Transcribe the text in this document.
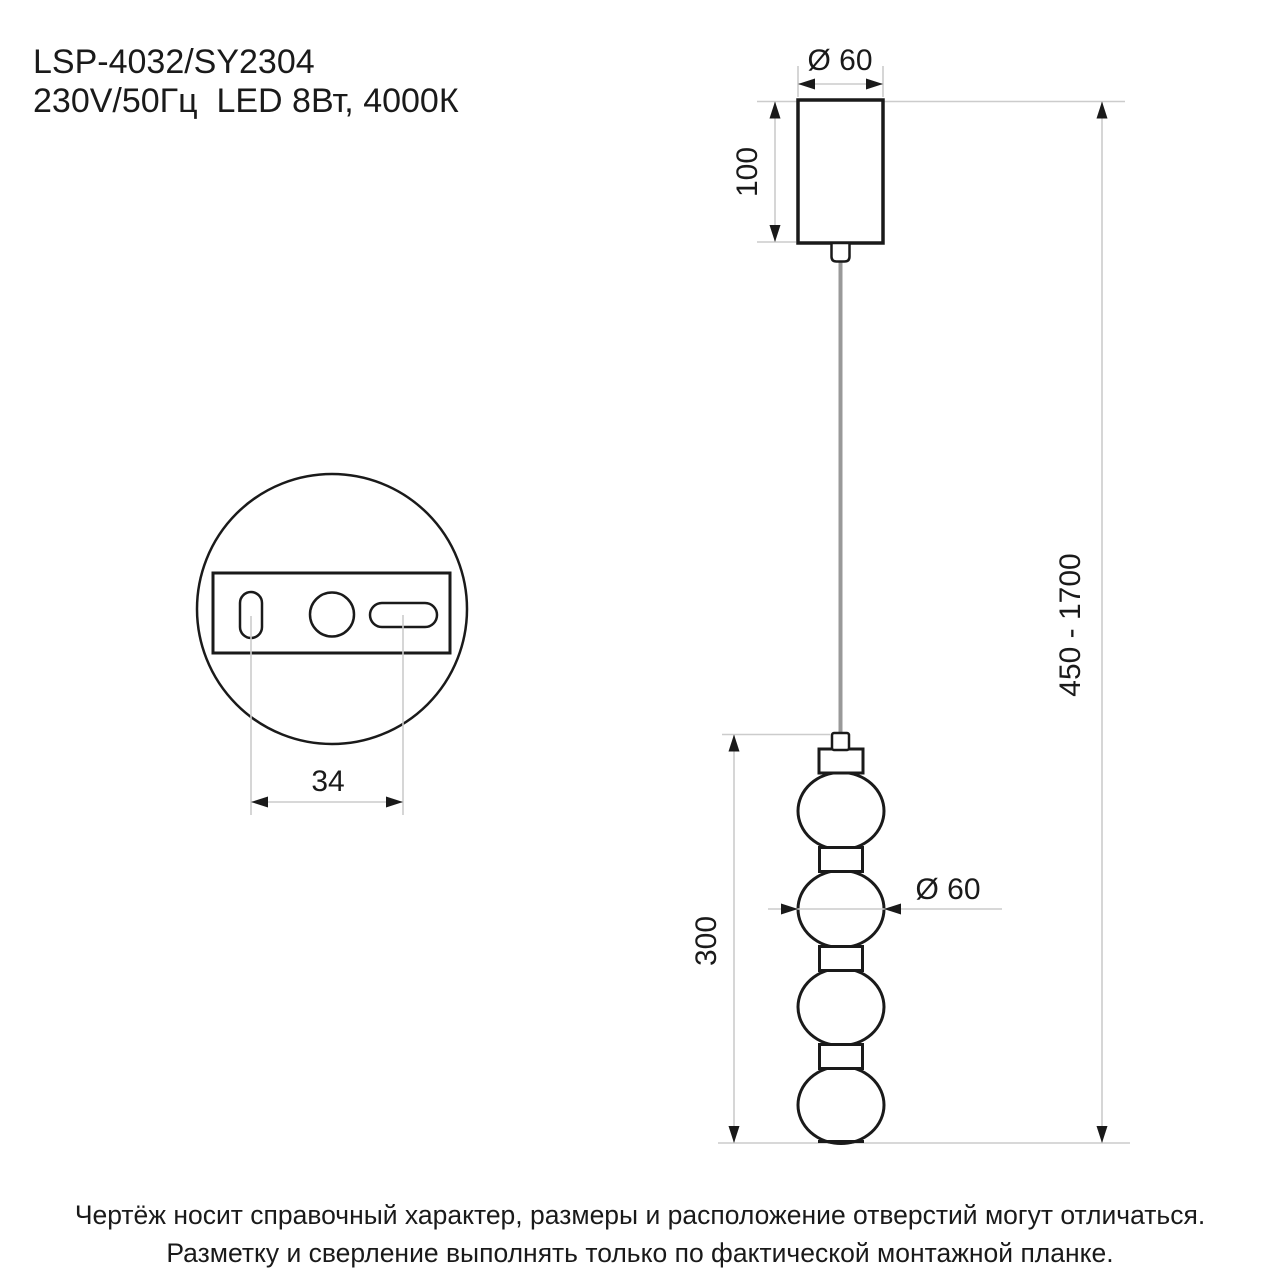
LSP-4032/SY2304
230V/50Гц  LED 8Вт, 4000К
Ø 60
100
450 - 1700
300
Ø 60
34
Чертёж носит справочный характер, размеры и расположение отверстий могут отличаться.
Разметку и сверление выполнять только по фактической монтажной планке.
